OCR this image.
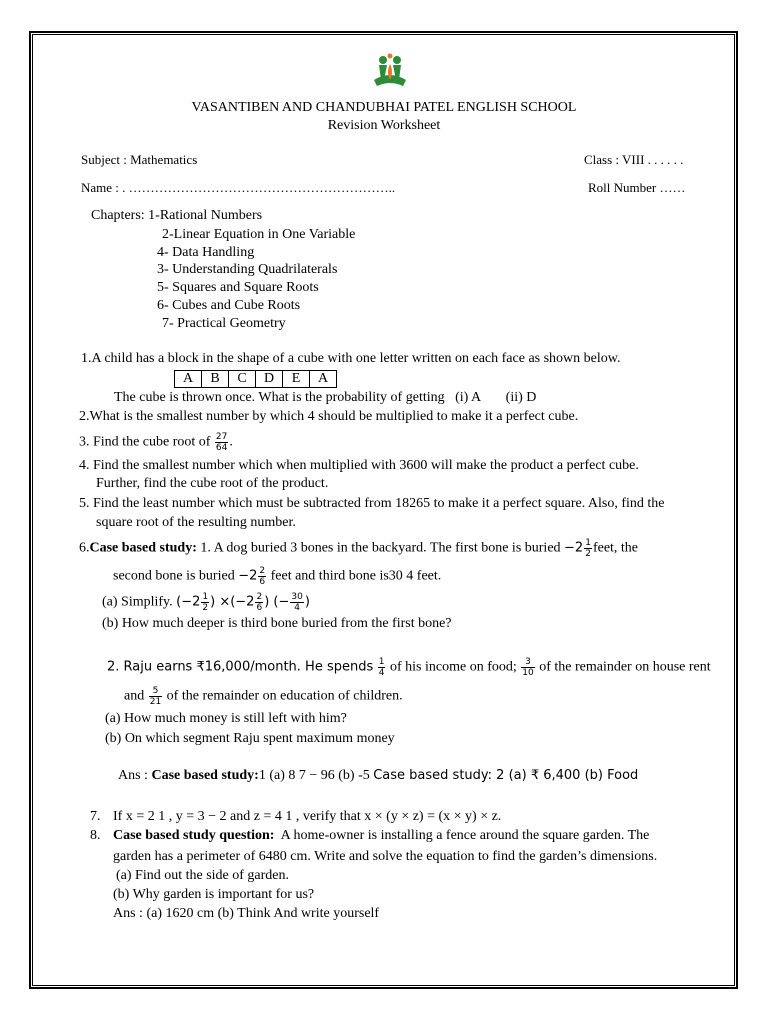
VASANTIBEN AND CHANDUBHAI PATEL ENGLISH SCHOOL
Revision Worksheet
Subject : Mathematics	Class : VIII . . . . . .
Name : . ……………………………………………………..	Roll Number ……
Chapters: 1-Rational Numbers
2-Linear Equation in One Variable
4- Data Handling
3- Understanding Quadrilaterals
5- Squares and Square Roots
6- Cubes and Cube Roots
7- Practical Geometry
1.A child has a block in the shape of a cube with one letter written on each face as shown below.
A	B	C	D	E	A
The cube is thrown once. What is the probability of getting (i) A (ii) D
2.What is the smallest number by which 4 should be multiplied to make it a perfect cube.
3. Find the cube root of $\frac{27}{64}$ .
4. Find the smallest number which when multiplied with 3600 will make the product a perfect cube.
Further, find the cube root of the product.
5. Find the least number which must be subtracted from 18265 to make it a perfect square. Also, find the
square root of the resulting number.
6.Case based study: 1. A dog buried 3 bones in the backyard. The first bone is buried $-2 \frac{1}{2}$ feet, the
second bone is buried $-2 \frac{2}{6}$ feet and third bone is30 4 feet.
(a) Simplify. ($-2 \frac{1}{2}$ ) $\times(-2 \frac{2}{6}$ ) (− $\frac{30}{4}$ )
(b) How much deeper is third bone buried from the first bone?
2. Raju earns ₹16,000/month. He spends $\frac{1}{4}$ of his income on food; $\frac{3}{10}$ of the remainder on house rent
and $\frac{5}{21}$ of the remainder on education of children.
(a) How much money is still left with him?
(b) On which segment Raju spent maximum money
Ans : Case based study:1 (a) 8 7 − 96 (b) -5 Case based study: 2 (a) ₹ 6,400 (b) Food
7. If x = 2 1 , y = 3 − 2 and z = 4 1 , verify that x × (y × z) = (x × y) × z.
8. Case based study question: A home-owner is installing a fence around the square garden. The
garden has a perimeter of 6480 cm. Write and solve the equation to find the garden’s dimensions.
(a) Find out the side of garden.
(b) Why garden is important for us?
Ans : (a) 1620 cm (b) Think And write yourself
